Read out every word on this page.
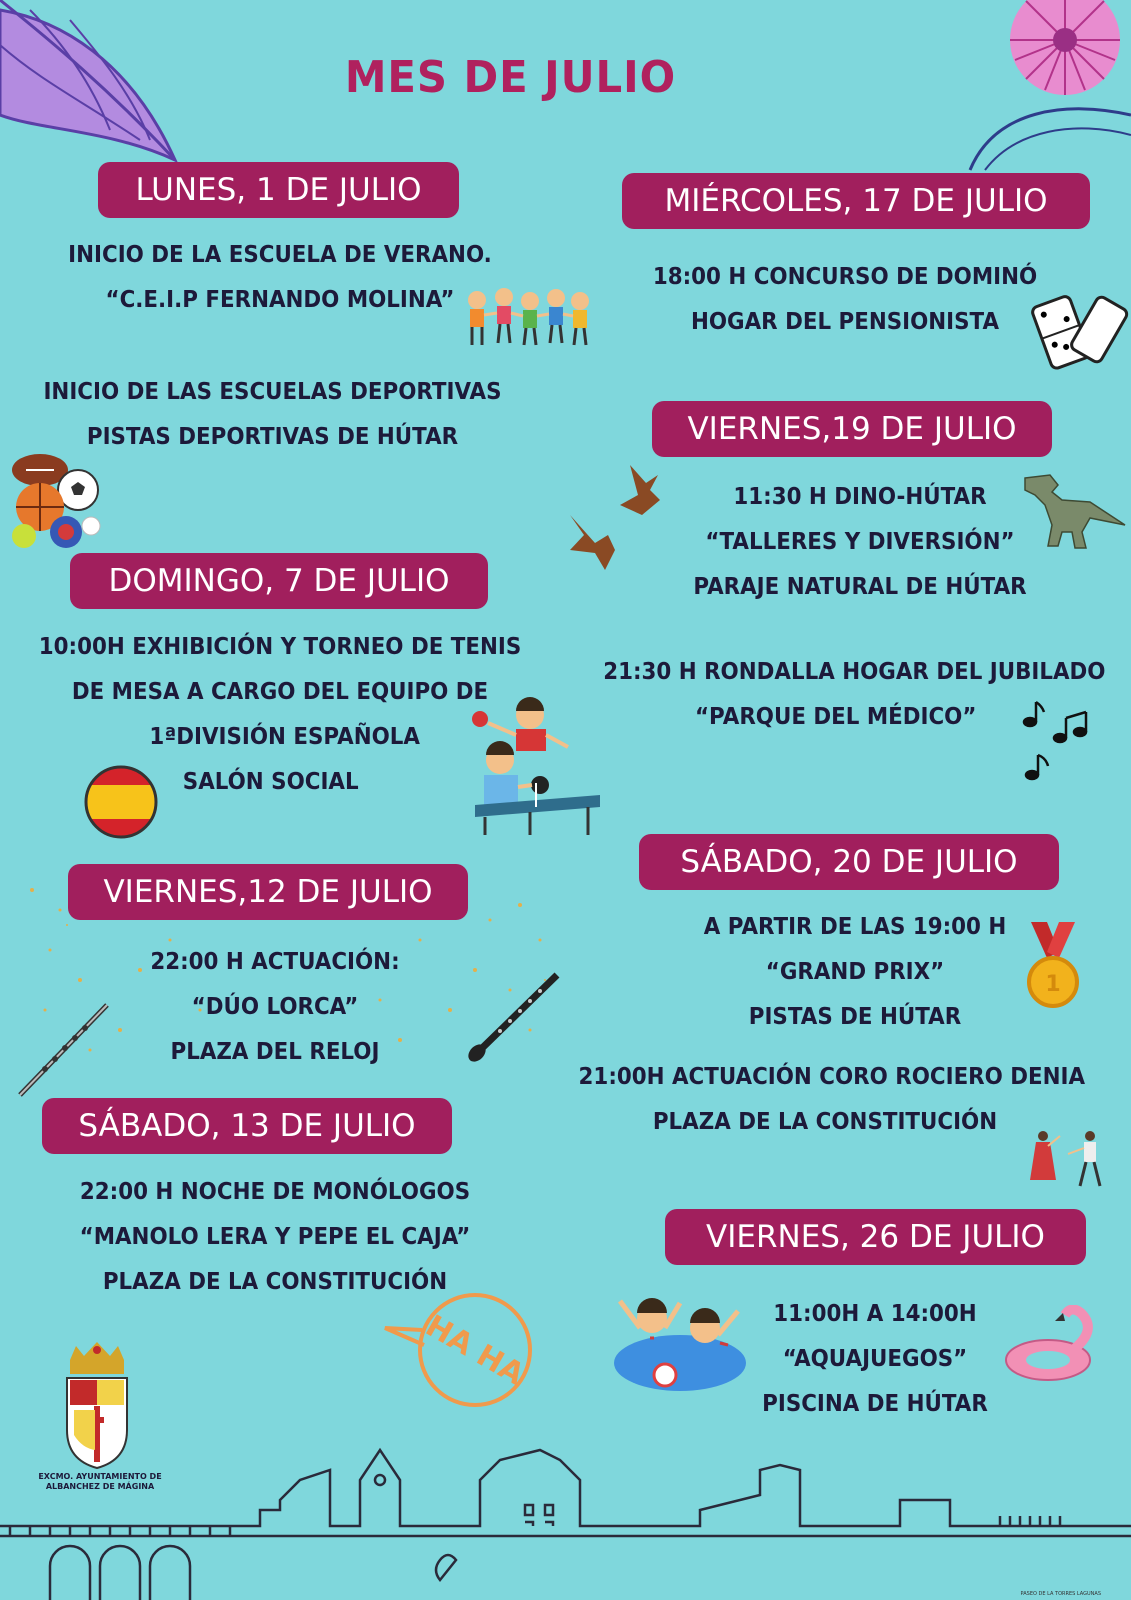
MES DE JULIO
LUNES, 1 DE JULIO
INICIO DE LA ESCUELA DE VERANO.
“C.E.I.P FERNANDO MOLINA”
INICIO DE LAS ESCUELAS DEPORTIVAS
PISTAS DEPORTIVAS DE HÚTAR
DOMINGO, 7 DE JULIO
10:00H EXHIBICIÓN Y TORNEO DE TENIS
DE MESA A CARGO DEL EQUIPO DE
1ªDIVISIÓN ESPAÑOLA
SALÓN SOCIAL
VIERNES,12 DE JULIO
22:00 H ACTUACIÓN:
“DÚO LORCA”
PLAZA DEL RELOJ
SÁBADO, 13 DE JULIO
22:00 H NOCHE DE MONÓLOGOS
“MANOLO LERA Y PEPE EL CAJA”
PLAZA DE LA CONSTITUCIÓN
HA HA
EXCMO. AYUNTAMIENTO DE
ALBANCHEZ DE MÁGINA
MIÉRCOLES, 17 DE JULIO
18:00 H CONCURSO DE DOMINÓ
HOGAR DEL PENSIONISTA
VIERNES,19 DE JULIO
11:30 H DINO-HÚTAR
“TALLERES Y DIVERSIÓN”
PARAJE NATURAL DE HÚTAR
21:30 H RONDALLA HOGAR DEL JUBILADO
“PARQUE DEL MÉDICO”
SÁBADO, 20 DE JULIO
A PARTIR DE LAS 19:00 H
“GRAND PRIX”
PISTAS DE HÚTAR
1
21:00H ACTUACIÓN CORO ROCIERO DENIA
PLAZA DE LA CONSTITUCIÓN
VIERNES, 26 DE JULIO
11:00H A 14:00H
“AQUAJUEGOS”
PISCINA DE HÚTAR
PASEO DE LA TORRES LAGUNAS
